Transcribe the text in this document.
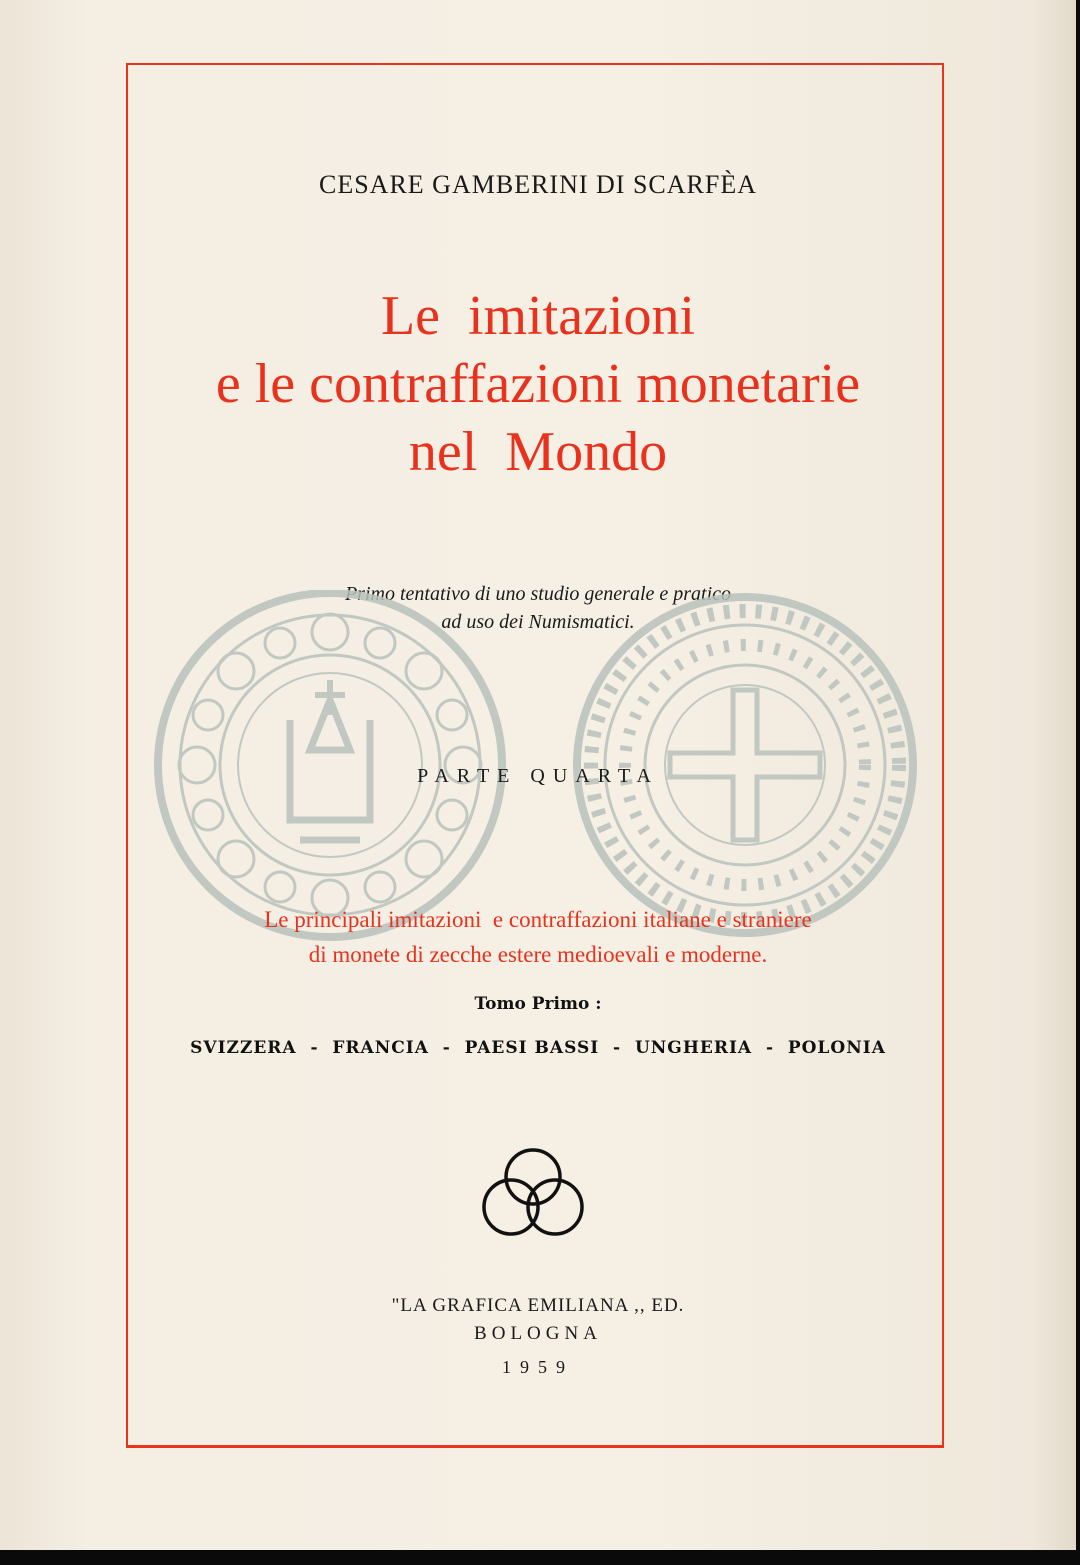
CESARE GAMBERINI DI SCARFÈA
Le  imitazioni
e le contraffazioni monetarie
nel  Mondo
Primo tentativo di uno studio generale e pratico
ad uso dei Numismatici.
PARTE QUARTA
Le principali imitazioni  e contraffazioni italiane e straniere
di monete di zecche estere medioevali e moderne.
Tomo Primo :
SVIZZERA  -  FRANCIA  -  PAESI BASSI  -  UNGHERIA  -  POLONIA
"LA GRAFICA EMILIANA ,, ED.
BOLOGNA
1959
